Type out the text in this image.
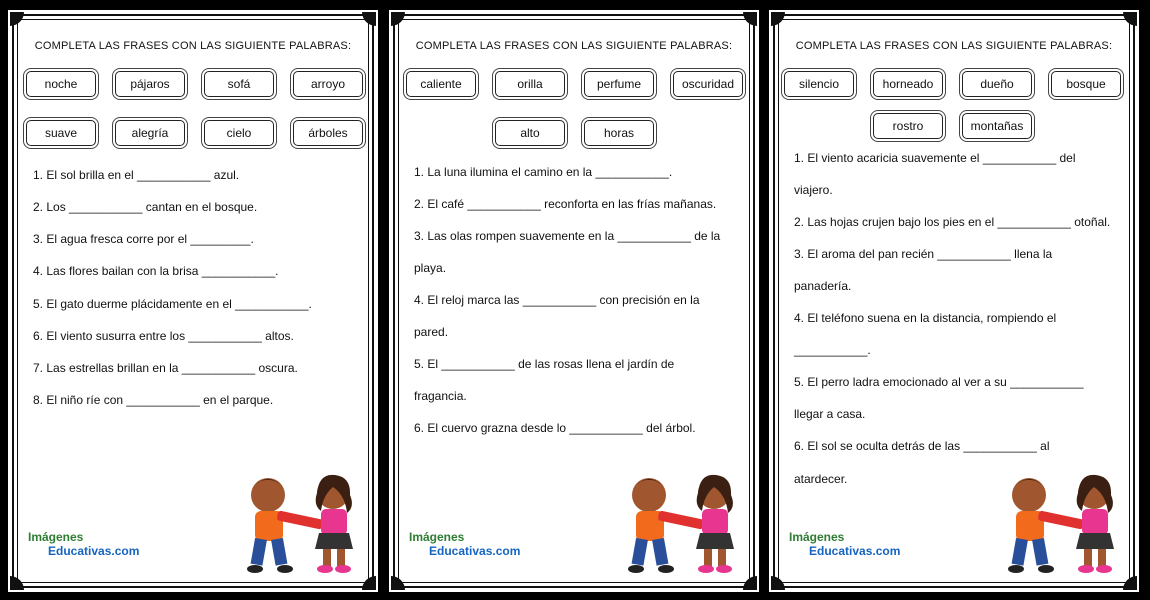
COMPLETA LAS FRASES CON LAS SIGUIENTE PALABRAS:
noche	pájaros	sofá	arroyo
suave	alegría	cielo	árboles
1. El sol brilla en el ___________ azul.
2. Los ___________ cantan en el bosque.
3. El agua fresca corre por el _________.
4. Las flores bailan con la brisa ___________.
5. El gato duerme plácidamente en el ___________.
6. El viento susurra entre los ___________ altos.
7. Las estrellas brillan en la ___________ oscura.
8. El niño ríe con ___________ en el parque.
Imágenes
Educativas.com
COMPLETA LAS FRASES CON LAS SIGUIENTE PALABRAS:
caliente	orilla	perfume	oscuridad
alto	horas
1. La luna ilumina el camino en la ___________.
2. El café ___________ reconforta en las frías mañanas.
3. Las olas rompen suavemente en la ___________ de la
playa.
4. El reloj marca las ___________ con precisión en la
pared.
5. El ___________ de las rosas llena el jardín de
fragancia.
6. El cuervo grazna desde lo ___________ del árbol.
Imágenes
Educativas.com
COMPLETA LAS FRASES CON LAS SIGUIENTE PALABRAS:
silencio	horneado	dueño	bosque
rostro	montañas
1. El viento acaricia suavemente el ___________ del
viajero.
2. Las hojas crujen bajo los pies en el ___________ otoñal.
3. El aroma del pan recién ___________ llena la
panadería.
4. El teléfono suena en la distancia, rompiendo el
___________.
5. El perro ladra emocionado al ver a su ___________
llegar a casa.
6. El sol se oculta detrás de las ___________ al
atardecer.
Imágenes
Educativas.com
